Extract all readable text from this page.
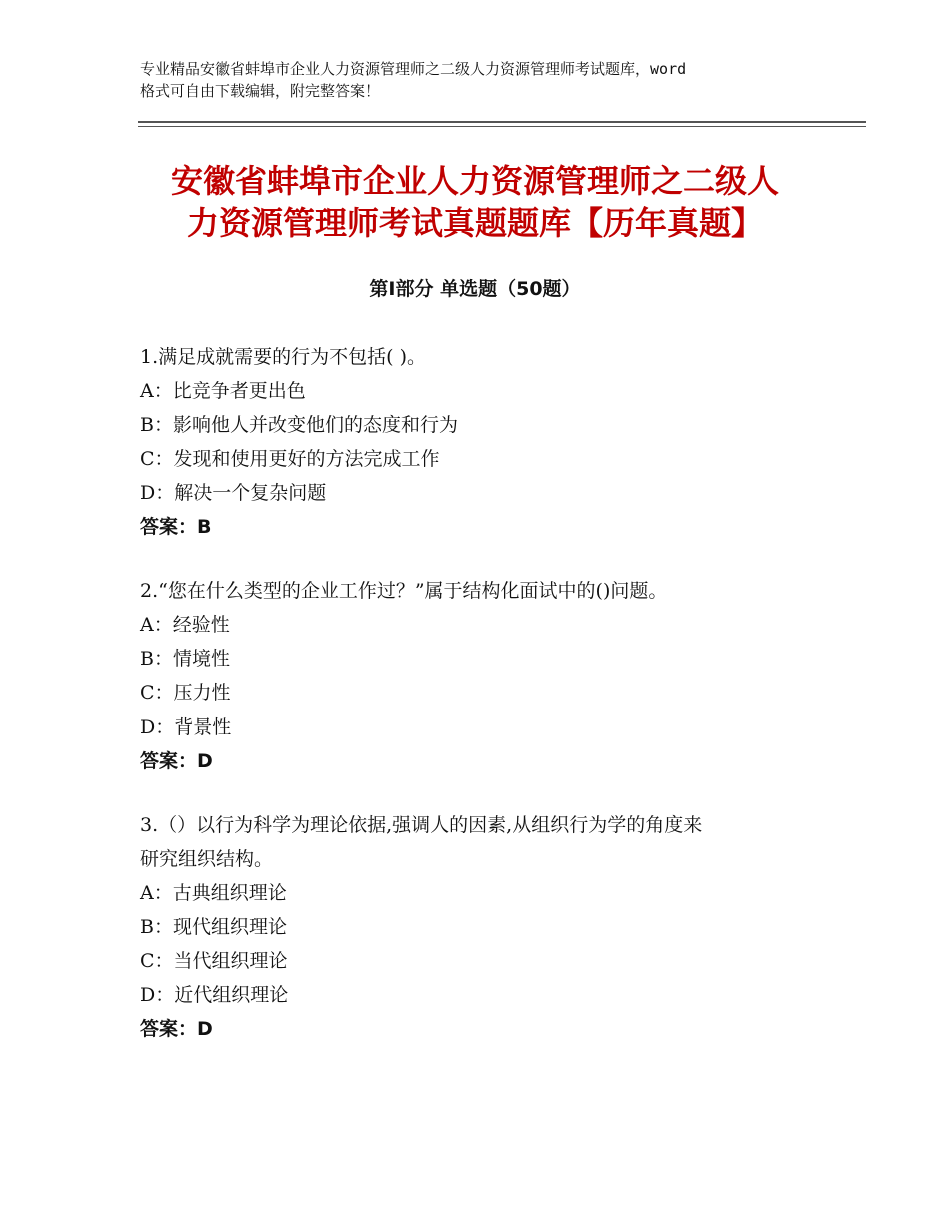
专业精品安徽省蚌埠市企业人力资源管理师之二级人力资源管理师考试题库，word
格式可自由下载编辑，附完整答案！
安徽省蚌埠市企业人力资源管理师之二级人
力资源管理师考试真题题库【历年真题】
第Ⅰ部分 单选题（50题）
1.满足成就需要的行为不包括( )。
A：比竞争者更出色
B：影响他人并改变他们的态度和行为
C：发现和使用更好的方法完成工作
D：解决一个复杂问题
答案：B
2.“您在什么类型的企业工作过？”属于结构化面试中的()问题。
A：经验性
B：情境性
C：压力性
D：背景性
答案：D
3.（）以行为科学为理论依据,强调人的因素,从组织行为学的角度来
研究组织结构。
A：古典组织理论
B：现代组织理论
C：当代组织理论
D：近代组织理论
答案：D
